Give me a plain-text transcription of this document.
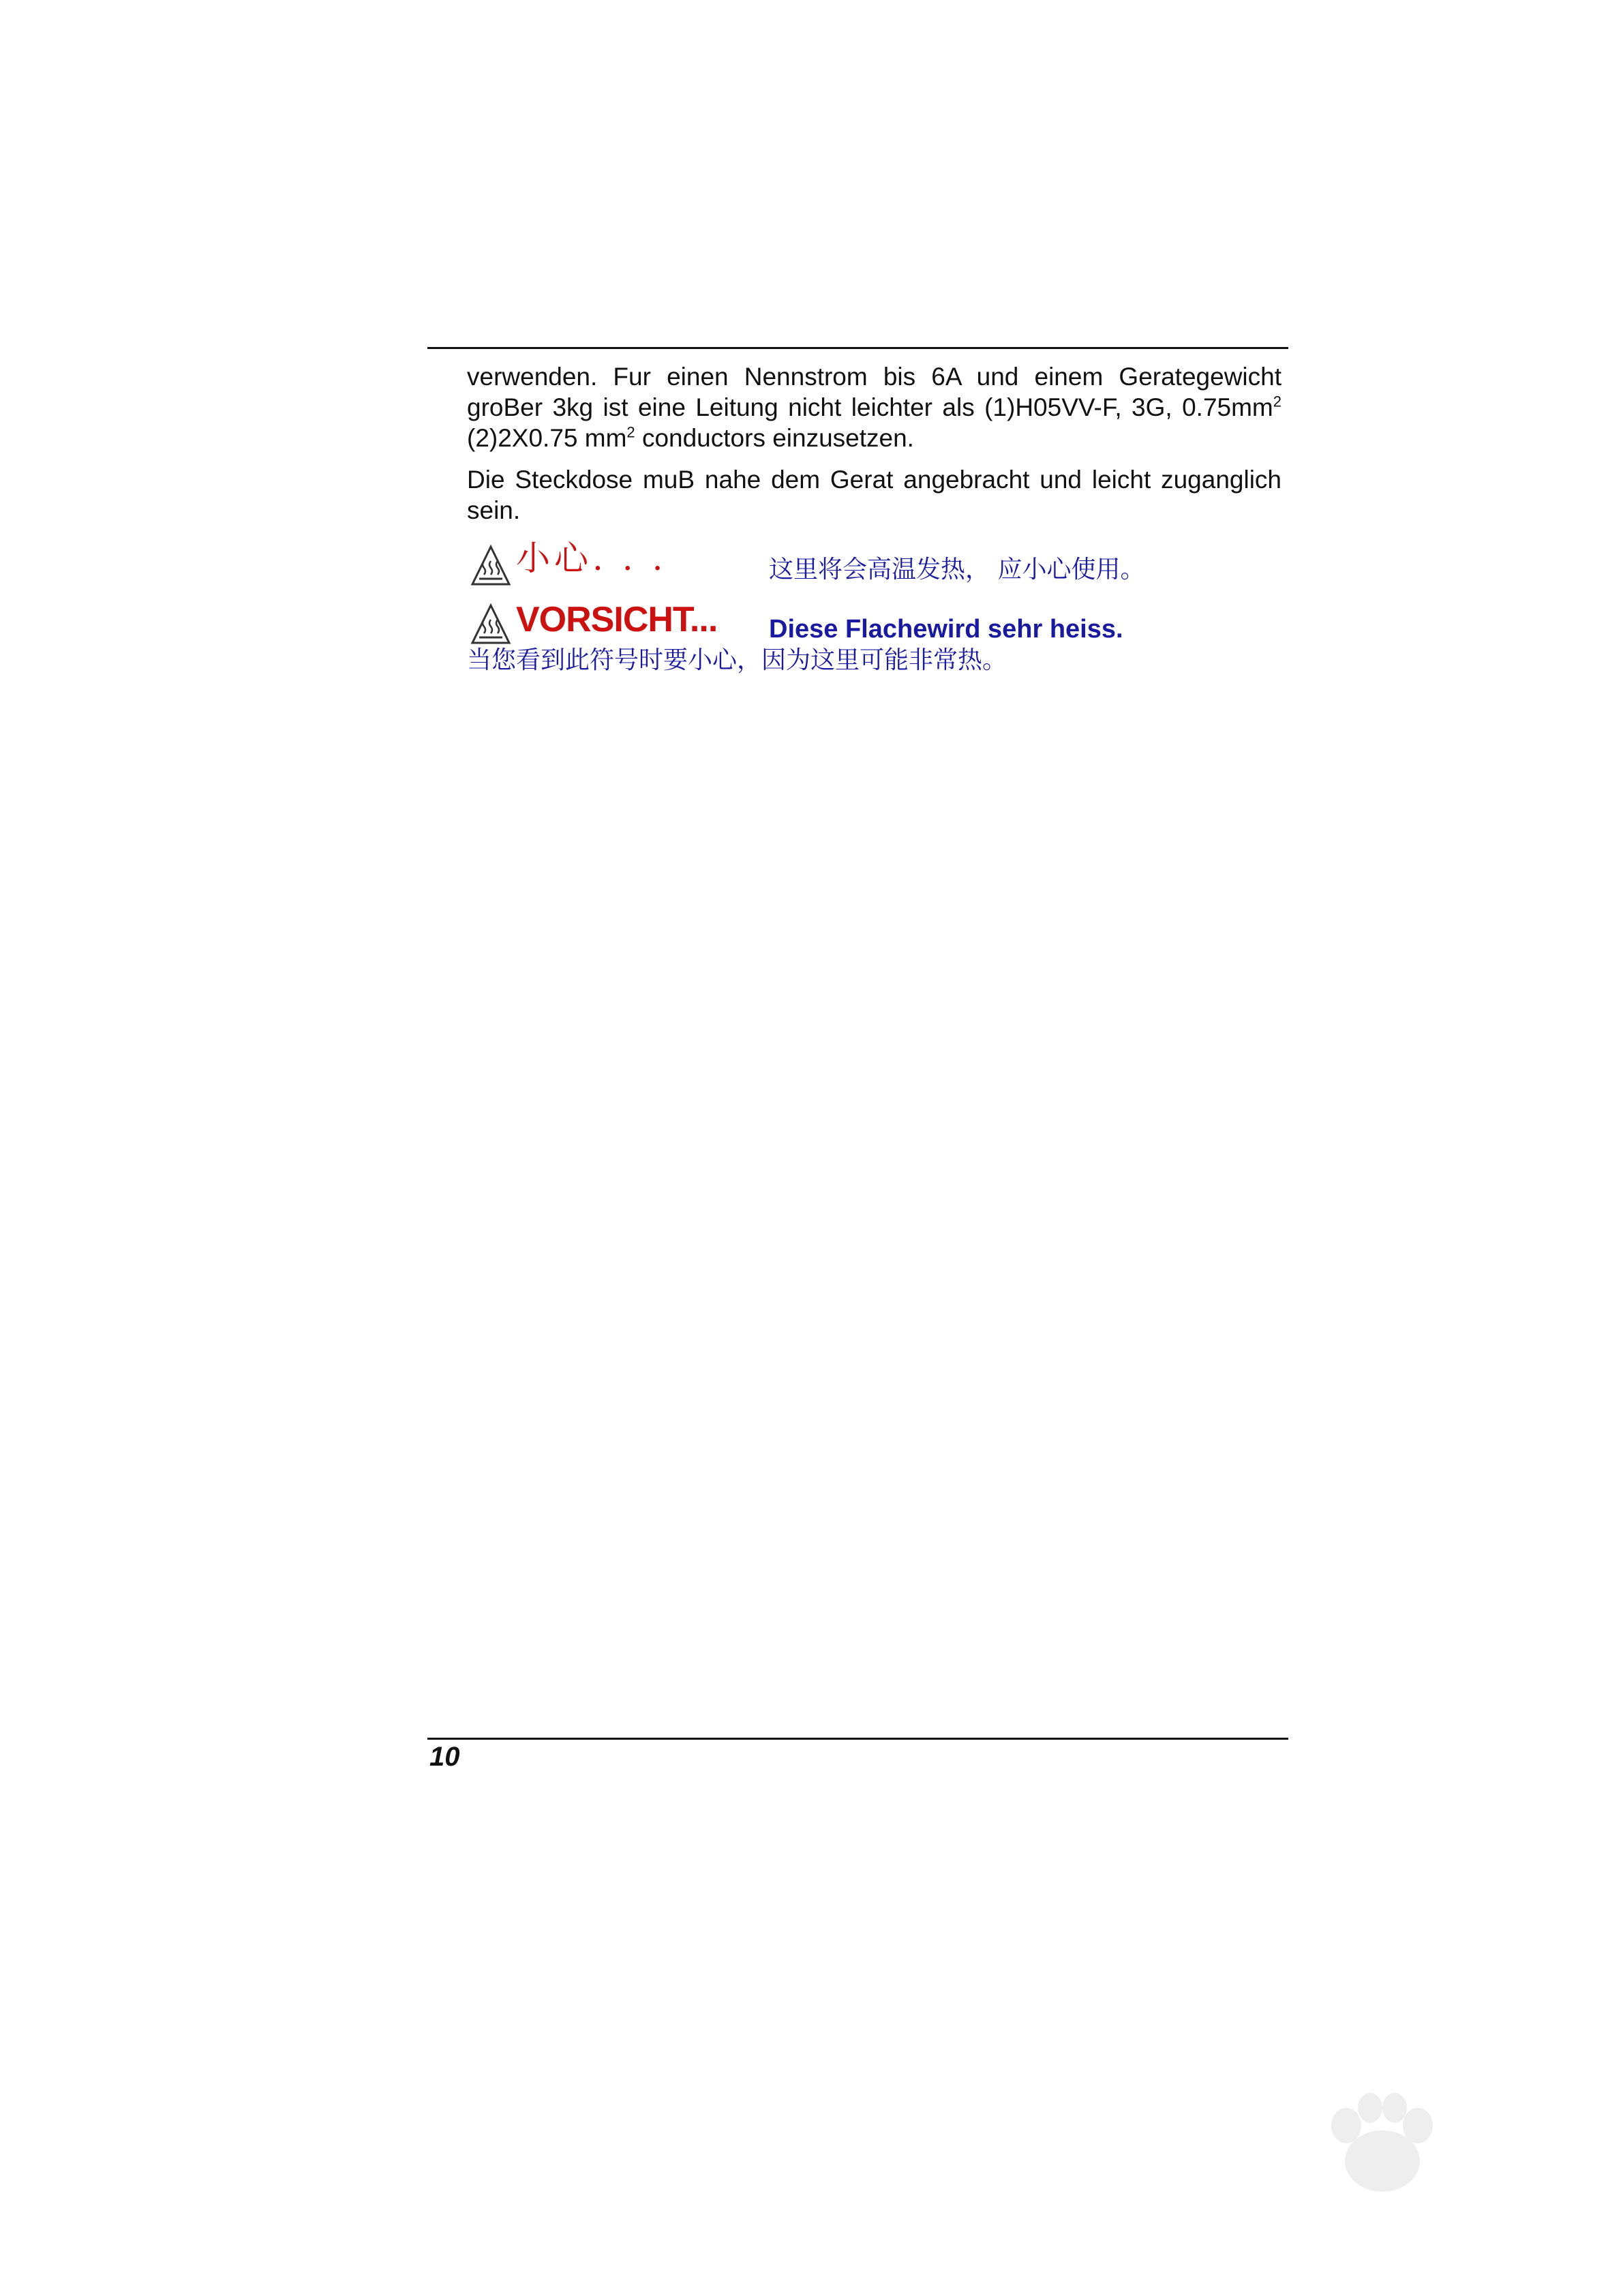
verwenden. Fur einen Nennstrom bis 6A und einem Gerategewicht groBer 3kg ist eine Leitung nicht leichter als (1)H05VV-F, 3G, $0.75mm^2$ (2)2X0.75 $mm^2$ conductors einzusetzen.

Die Steckdose muB nahe dem Gerat angebracht und leicht zuganglich sein.

小心. . .	这里将会高温发热， 应小心使用。
VORSICHT... Diese Flachewird sehr heiss.
当您看到此符号时要小心，因为这里可能非常热。
10
